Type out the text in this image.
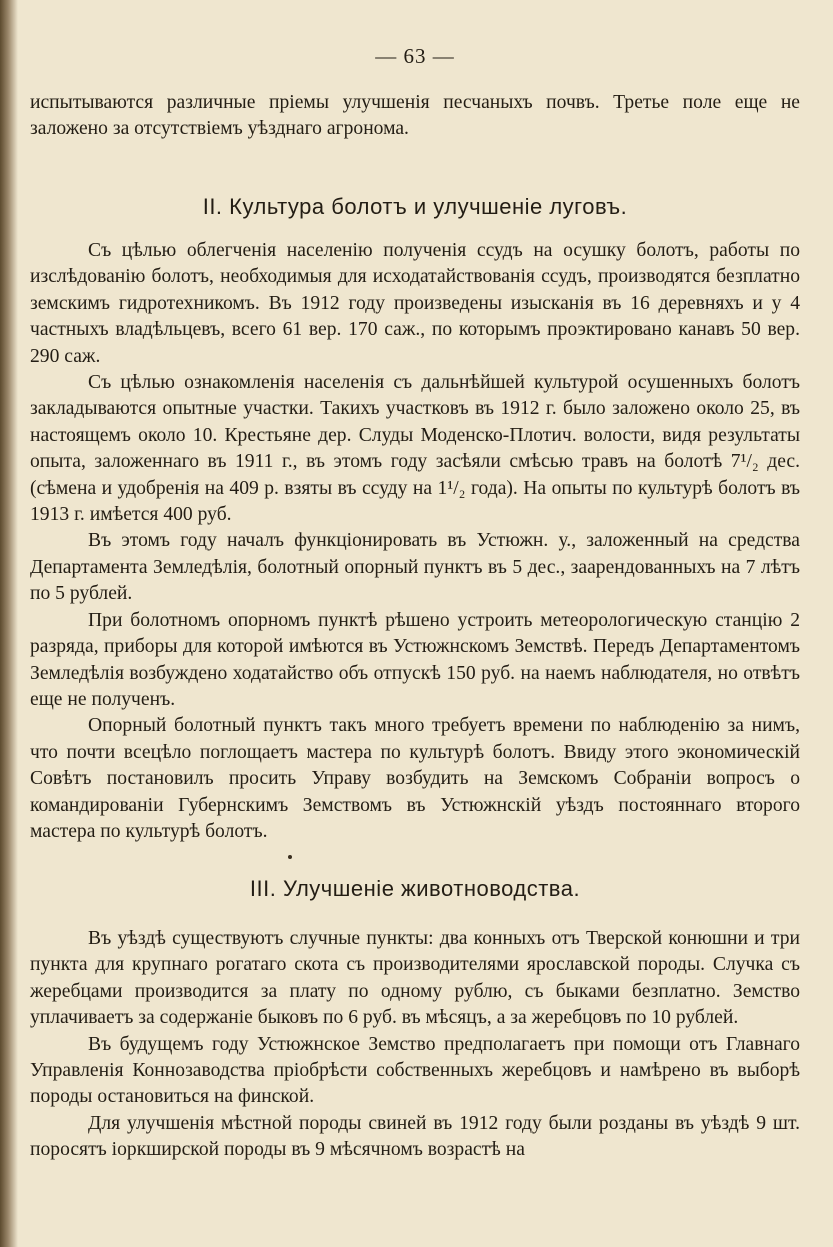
— 63 —

испытываются различные пріемы улучшенія песчаныхъ почвъ. Третье поле еще не заложено за отсутствіемъ уѣзднаго агронома.

II. Культура болотъ и улучшеніе луговъ.

Съ цѣлью облегченія населенію полученія ссудъ на осушку болотъ, работы по изслѣдованію болотъ, необходимыя для исходатайствованія ссудъ, производятся безплатно земскимъ гидротехникомъ. Въ 1912 году произведены изысканія въ 16 деревняхъ и у 4 частныхъ владѣльцевъ, всего 61 вер. 170 саж., по которымъ проэктировано канавъ 50 вер. 290 саж.

Съ цѣлью ознакомленія населенія съ дальнѣйшей культурой осушенныхъ болотъ закладываются опытные участки. Такихъ участковъ въ 1912 г. было заложено около 25, въ настоящемъ около 10. Крестьяне дер. Слуды Моденско-Плотич. волости, видя результаты опыта, заложеннаго въ 1911 г., въ этомъ году засѣяли смѣсью травъ на болотѣ 7¹/₂ дес. (сѣмена и удобренія на 409 р. взяты въ ссуду на 1¹/₂ года). На опыты по культурѣ болотъ въ 1913 г. имѣется 400 руб.

Въ этомъ году началъ функціонировать въ Устюжн. у., заложенный на средства Департамента Земледѣлія, болотный опорный пунктъ въ 5 дес., заарендованныхъ на 7 лѣтъ по 5 рублей.

При болотномъ опорномъ пунктѣ рѣшено устроить метеорологическую станцію 2 разряда, приборы для которой имѣются въ Устюжнскомъ Земствѣ. Передъ Департаментомъ Земледѣлія возбуждено ходатайство объ отпускѣ 150 руб. на наемъ наблюдателя, но отвѣтъ еще не полученъ.

Опорный болотный пунктъ такъ много требуетъ времени по наблюденію за нимъ, что почти всецѣло поглощаетъ мастера по культурѣ болотъ. Ввиду этого экономическій Совѣтъ постановилъ просить Управу возбудить на Земскомъ Собраніи вопросъ о командированіи Губернскимъ Земствомъ въ Устюжнскій уѣздъ постояннаго второго мастера по культурѣ болотъ.

III. Улучшеніе животноводства.

Въ уѣздѣ существуютъ случные пункты: два конныхъ отъ Тверской конюшни и три пункта для крупнаго рогатаго скота съ производителями ярославской породы. Случка съ жеребцами производится за плату по одному рублю, съ быками безплатно. Земство уплачиваетъ за содержаніе быковъ по 6 руб. въ мѣсяцъ, а за жеребцовъ по 10 рублей.

Въ будущемъ году Устюжнское Земство предполагаетъ при помощи отъ Главнаго Управленія Коннозаводства пріобрѣсти собственныхъ жеребцовъ и намѣрено въ выборѣ породы остановиться на финской.

Для улучшенія мѣстной породы свиней въ 1912 году были розданы въ уѣздѣ 9 шт. поросятъ іоркширской породы въ 9 мѣсячномъ возрастѣ на
